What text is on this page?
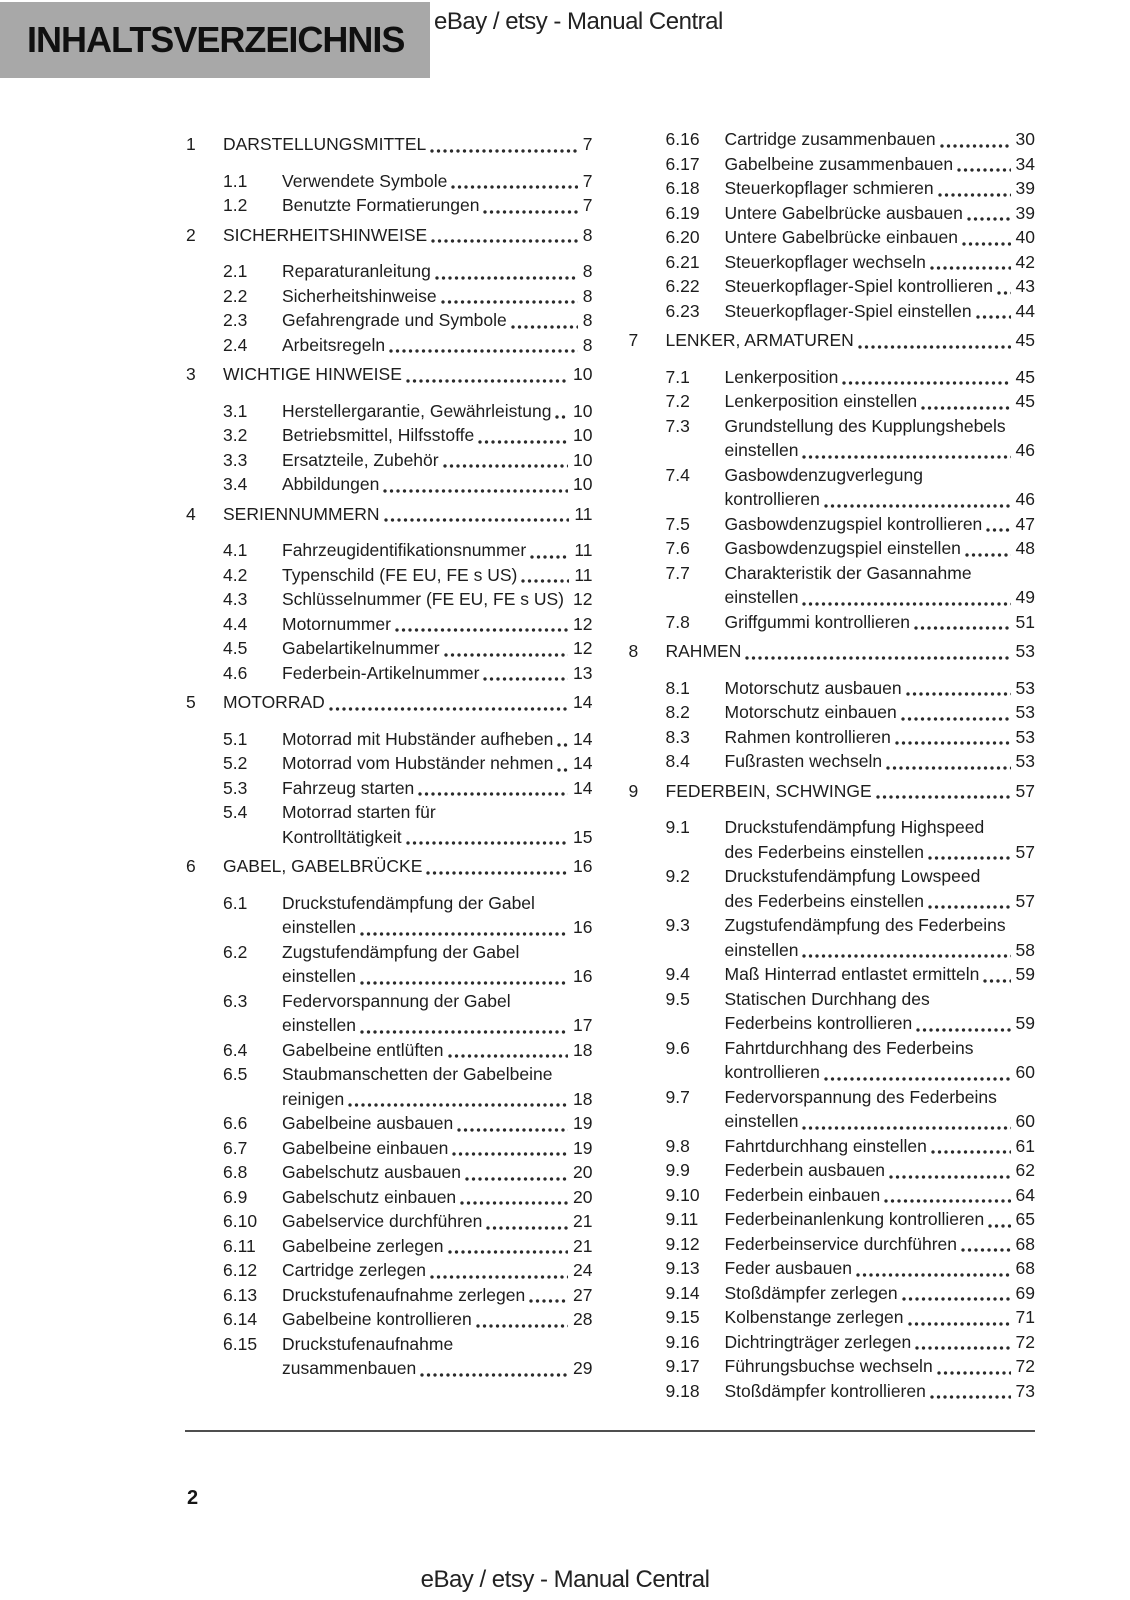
INHALTSVERZEICHNIS eBay / etsy - Manual Central
1	DARSTELLUNGSMITTEL	7
1.1	Verwendete Symbole	7
1.2	Benutzte Formatierungen	7
2	SICHERHEITSHINWEISE	8
2.1	Reparaturanleitung	8
2.2	Sicherheitshinweise	8
2.3	Gefahrengrade und Symbole	8
2.4	Arbeitsregeln	8
3	WICHTIGE HINWEISE	10
3.1	Herstellergarantie, Gewährleistung 10
3.2	Betriebsmittel, Hilfsstoffe	10
3.3	Ersatzteile, Zubehör	10
3.4	Abbildungen	10
4	SERIENNUMMERN	11
4.1	Fahrzeugidentifikationsnummer	11
4.2	Typenschild (FE EU, FE s US)	11
4.3	Schlüsselnummer (FE EU, FE s US) 12
4.4	Motornummer	12
4.5	Gabelartikelnummer	12
4.6	Federbein-Artikelnummer	13
5	MOTORRAD	14
5.1	Motorrad mit Hubständer aufheben 14
5.2	Motorrad vom Hubständer nehmen 14
5.3	Fahrzeug starten	14
5.4	Motorrad starten für
Kontrolltätigkeit	15
6	GABEL, GABELBRÜCKE	16
6.1	Druckstufendämpfung der Gabel
einstellen	16
6.2	Zugstufendämpfung der Gabel
einstellen	16
6.3	Federvorspannung der Gabel
einstellen	17
6.4	Gabelbeine entlüften	18
6.5	Staubmanschetten der Gabelbeine
reinigen	18
6.6	Gabelbeine ausbauen	19
6.7	Gabelbeine einbauen	19
6.8	Gabelschutz ausbauen	20
6.9	Gabelschutz einbauen	20
6.10	Gabelservice durchführen	21
6.11	Gabelbeine zerlegen	21
6.12	Cartridge zerlegen	24
6.13	Druckstufenaufnahme zerlegen	27
6.14	Gabelbeine kontrollieren	28
6.15	Druckstufenaufnahme
zusammenbauen	29
6.16	Cartridge zusammenbauen	30
6.17	Gabelbeine zusammenbauen	34
6.18	Steuerkopflager schmieren	39
6.19	Untere Gabelbrücke ausbauen	39
6.20	Untere Gabelbrücke einbauen	40
6.21	Steuerkopflager wechseln	42
6.22	Steuerkopflager-Spiel kontrollieren 43
6.23	Steuerkopflager-Spiel einstellen	44
7	LENKER, ARMATUREN	45
7.1	Lenkerposition	45
7.2	Lenkerposition einstellen	45
7.3	Grundstellung des Kupplungshebels
einstellen	46
7.4	Gasbowdenzugverlegung
kontrollieren	46
7.5	Gasbowdenzugspiel kontrollieren 47
7.6	Gasbowdenzugspiel einstellen	48
7.7	Charakteristik der Gasannahme
einstellen	49
7.8	Griffgummi kontrollieren	51
8	RAHMEN	53
8.1	Motorschutz ausbauen	53
8.2	Motorschutz einbauen	53
8.3	Rahmen kontrollieren	53
8.4	Fußrasten wechseln	53
9	FEDERBEIN, SCHWINGE	57
9.1	Druckstufendämpfung Highspeed
des Federbeins einstellen	57
9.2	Druckstufendämpfung Lowspeed
des Federbeins einstellen	57
9.3	Zugstufendämpfung des Federbeins
einstellen	58
9.4	Maß Hinterrad entlastet ermitteln 59
9.5	Statischen Durchhang des
Federbeins kontrollieren	59
9.6	Fahrtdurchhang des Federbeins
kontrollieren	60
9.7	Federvorspannung des Federbeins
einstellen	60
9.8	Fahrtdurchhang einstellen	61
9.9	Federbein ausbauen	62
9.10	Federbein einbauen	64
9.11	Federbeinanlenkung kontrollieren 65
9.12	Federbeinservice durchführen	68
9.13	Feder ausbauen	68
9.14	Stoßdämpfer zerlegen	69
9.15	Kolbenstange zerlegen	71
9.16	Dichtringträger zerlegen	72
9.17	Führungsbuchse wechseln	72
9.18	Stoßdämpfer kontrollieren	73
2
eBay / etsy - Manual Central
